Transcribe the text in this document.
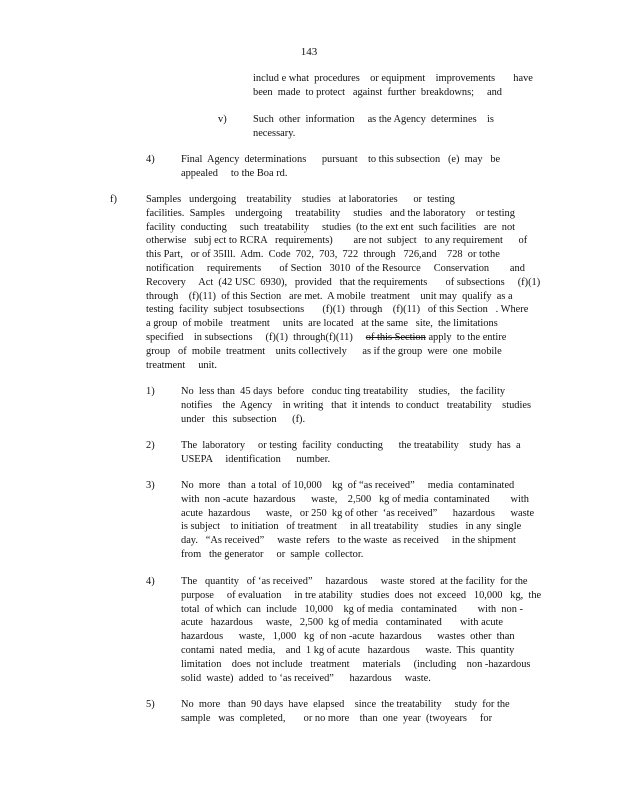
143
includ e what  procedures    or equipment    improvements       have
been  made  to protect   against  further  breakdowns;     and
v)	Such  other  information     as the Agency  determines    is
necessary.
4)	Final  Agency  determinations      pursuant    to this subsection   (e)  may   be
appealed     to the Boa rd.
f)	Samples   undergoing    treatability    studies   at laboratories      or  testing
facilities.  Samples    undergoing     treatability     studies   and the laboratory    or testing
facility  conducting     such  treatability     studies  (to the ext ent  such facilities   are  not
otherwise   subj ect to RCRA   requirements)        are not  subject   to any requirement      of
this Part,   or of 35Ill.  Adm.  Code  702,  703,  722  through   726,and    728  or tothe
notification     requirements       of Section   3010  of the Resource     Conservation        and
Recovery     Act  (42 USC  6930),   provided   that the requirements       of subsections     (f)(1)
through    (f)(11)  of this Section   are met.  A mobile  treatment    unit may  qualify  as a
testing  facility  subject  tosubsections       (f)(1)  through    (f)(11)   of this Section   . Where
a group  of mobile   treatment     units  are located   at the same   site,  the limitations
specified    in subsections     (f)(1)  through(f)(11) of this Section apply  to the entire
group   of  mobile  treatment    units collectively      as if the group  were  one  mobile
treatment     unit.
1)	No  less than  45 days  before   conduc ting treatability    studies,    the facility
notifies    the  Agency    in writing   that  it intends  to conduct   treatability    studies
under   this  subsection      (f).
2)	The  laboratory     or testing  facility  conducting      the treatability    study  has  a
USEPA     identification      number.
3)	No  more   than  a total  of 10,000    kg  of “as received”     media  contaminated
with  non -acute  hazardous      waste,    2,500   kg of media  contaminated        with
acute  hazardous      waste,   or 250  kg of other  ‘as received”      hazardous      waste
is subject    to initiation   of treatment     in all treatability    studies   in any  single
day.   “As received”     waste  refers   to the waste  as received     in the shipment
from   the generator     or  sample  collector.
4)	The   quantity   of ‘as received”     hazardous     waste  stored  at the facility  for the
purpose     of evaluation     in tre atability   studies  does  not  exceed   10,000   kg,  the
total  of which  can  include   10,000    kg of media   contaminated        with  non -
acute   hazardous     waste,   2,500  kg of media   contaminated       with acute
hazardous      waste,   1,000   kg  of non -acute  hazardous      wastes  other  than
contami  nated  media,    and  1 kg of acute   hazardous      waste.  This  quantity
limitation    does  not include   treatment     materials     (including    non -hazardous
solid  waste)  added  to ‘as received”      hazardous     waste.
5)	No  more   than  90 days  have  elapsed    since  the treatability     study  for the
sample   was  completed,       or no more    than  one  year  (twoyears     for
